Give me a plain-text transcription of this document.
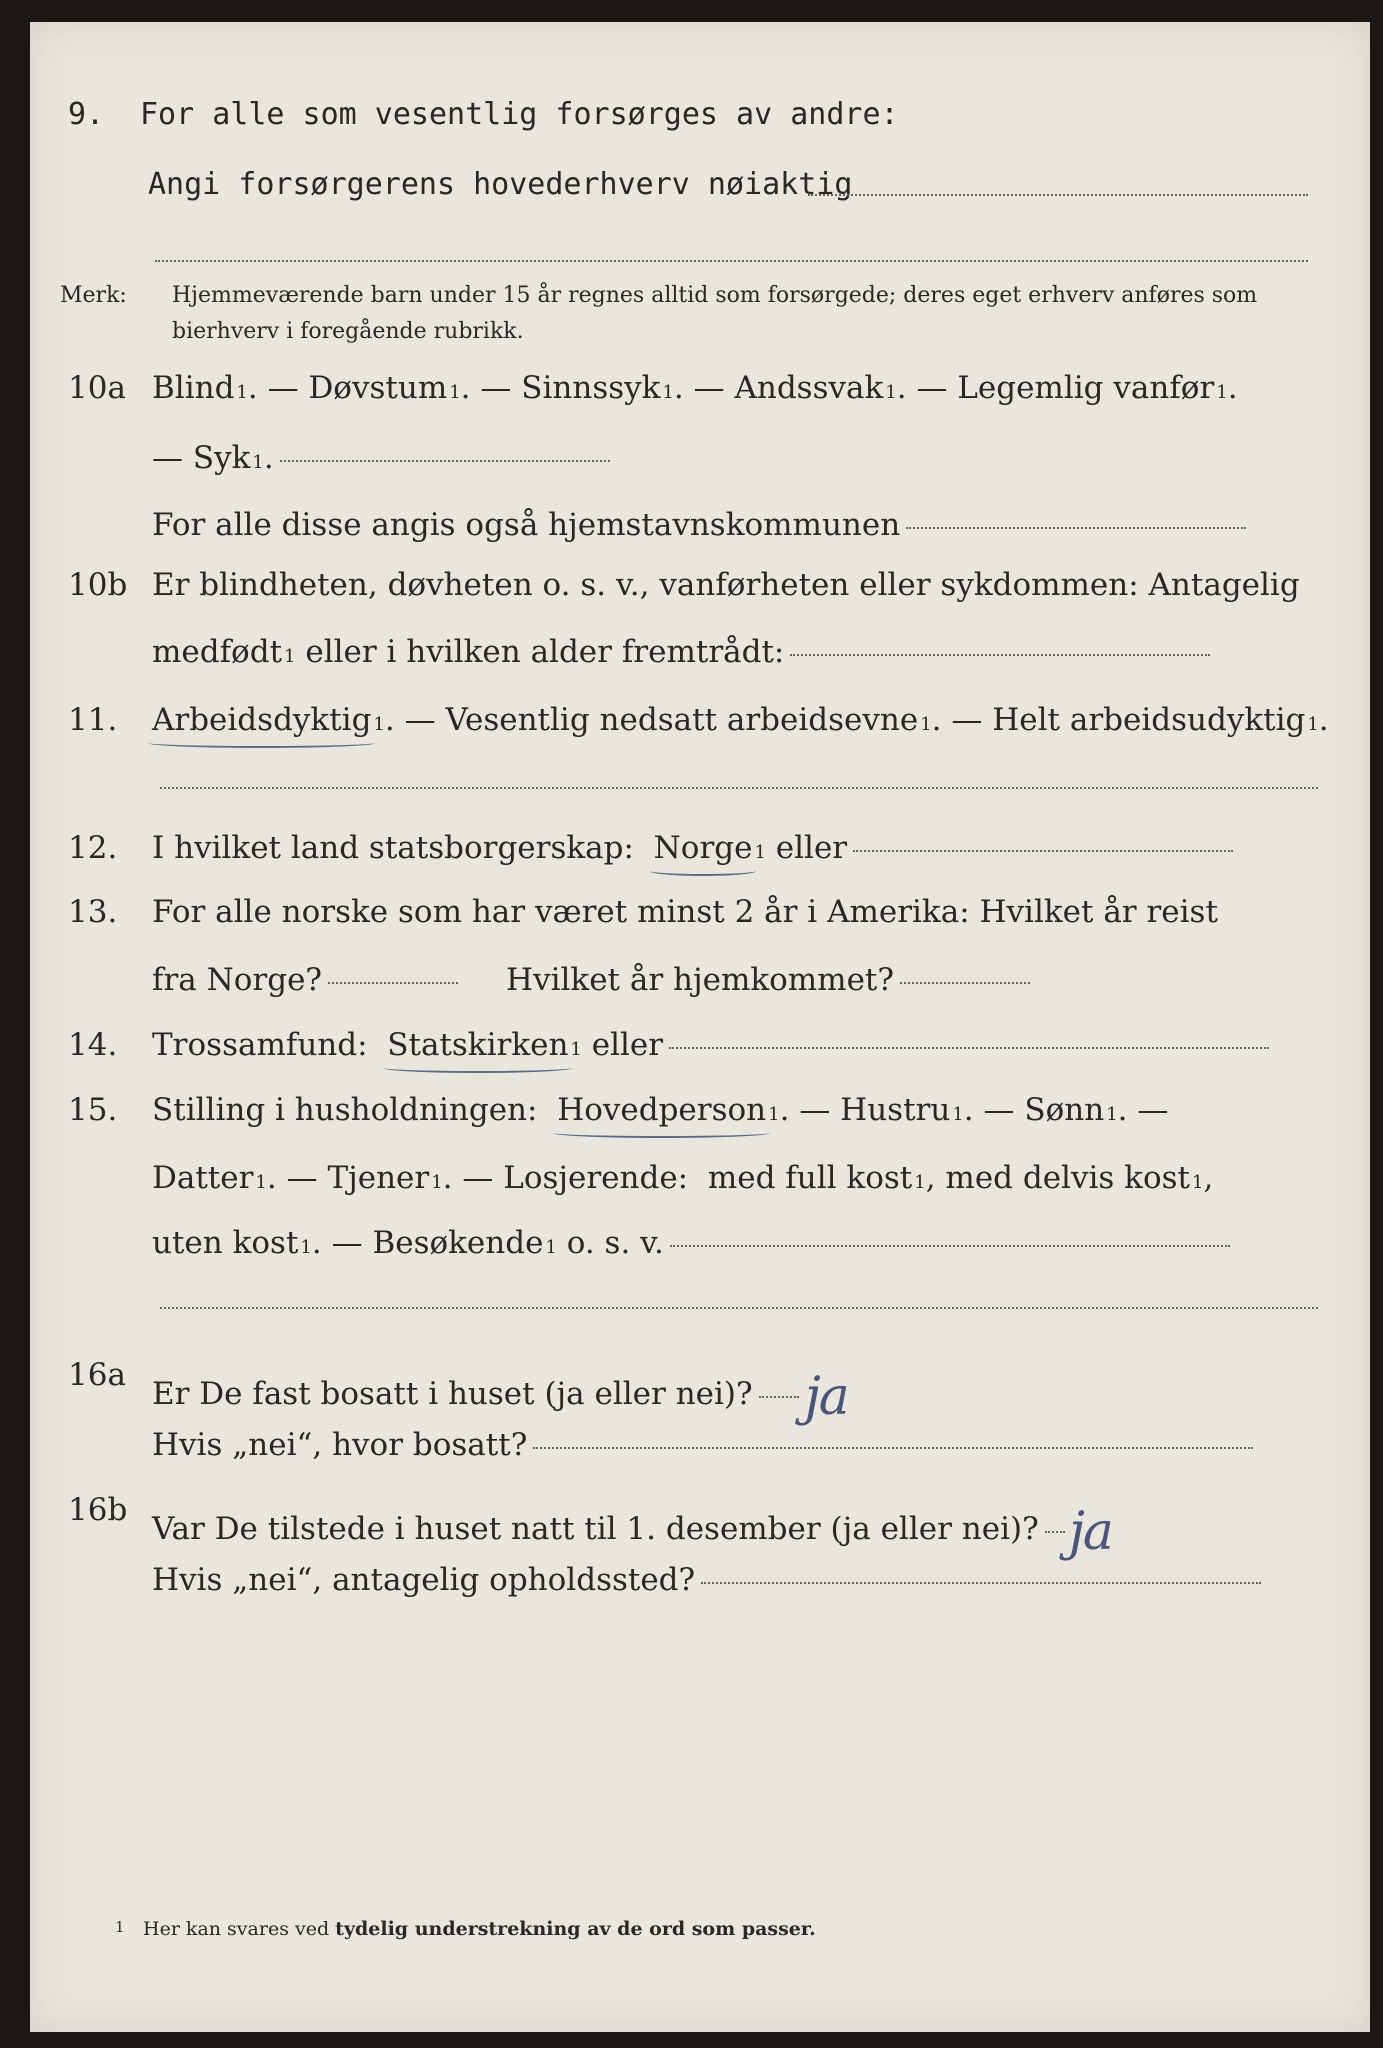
9. For alle som vesentlig forsørges av andre:
Angi forsørgerens hovederhverv nøiaktig
Merk: Hjemmeværende barn under 15 år regnes alltid som forsørgede; deres eget erhverv anføres som bierhverv i foregående rubrikk.
10a Blind 1 . —
Døvstum 1 . —
Sinnssyk 1 . —
Andssvak 1 . —
Legemlig vanfør 1 .
—
Syk 1 .
For alle disse angis også hjemstavnskommunen
10b Er blindheten, døvheten o. s. v., vanførheten eller sykdommen: Antagelig
medfødt 1
eller i hvilken alder fremtrådt:
11. Arbeidsdyktig 1 . —
Vesentlig nedsatt arbeidsevne 1 . —
Helt arbeidsudyktig 1 .
12. I hvilket land statsborgerskap:
Norge 1
eller
13. For alle norske som har været minst 2 år i Amerika: Hvilket år reist
fra Norge?	Hvilket år hjemkommet?
14. Trossamfund:
Statskirken 1
eller
15. Stilling i husholdningen:
Hovedperson 1 . —
Hustru 1 . —
Sønn 1 . —
Datter 1 . —
Tjener 1 . —
Losjerende:
med full kost 1 , med delvis kost 1 ,
uten kost 1 . —
Besøkende 1
o. s. v.
16a
Er De fast bosatt i huset (ja eller nei)? ja
Hvis „nei“, hvor bosatt?
16b
Var De tilstede i huset natt til 1. desember (ja eller nei)? ja
Hvis „nei“, antagelig opholdssted?
1 Her kan svares ved tydelig understrekning av de ord som passer.
